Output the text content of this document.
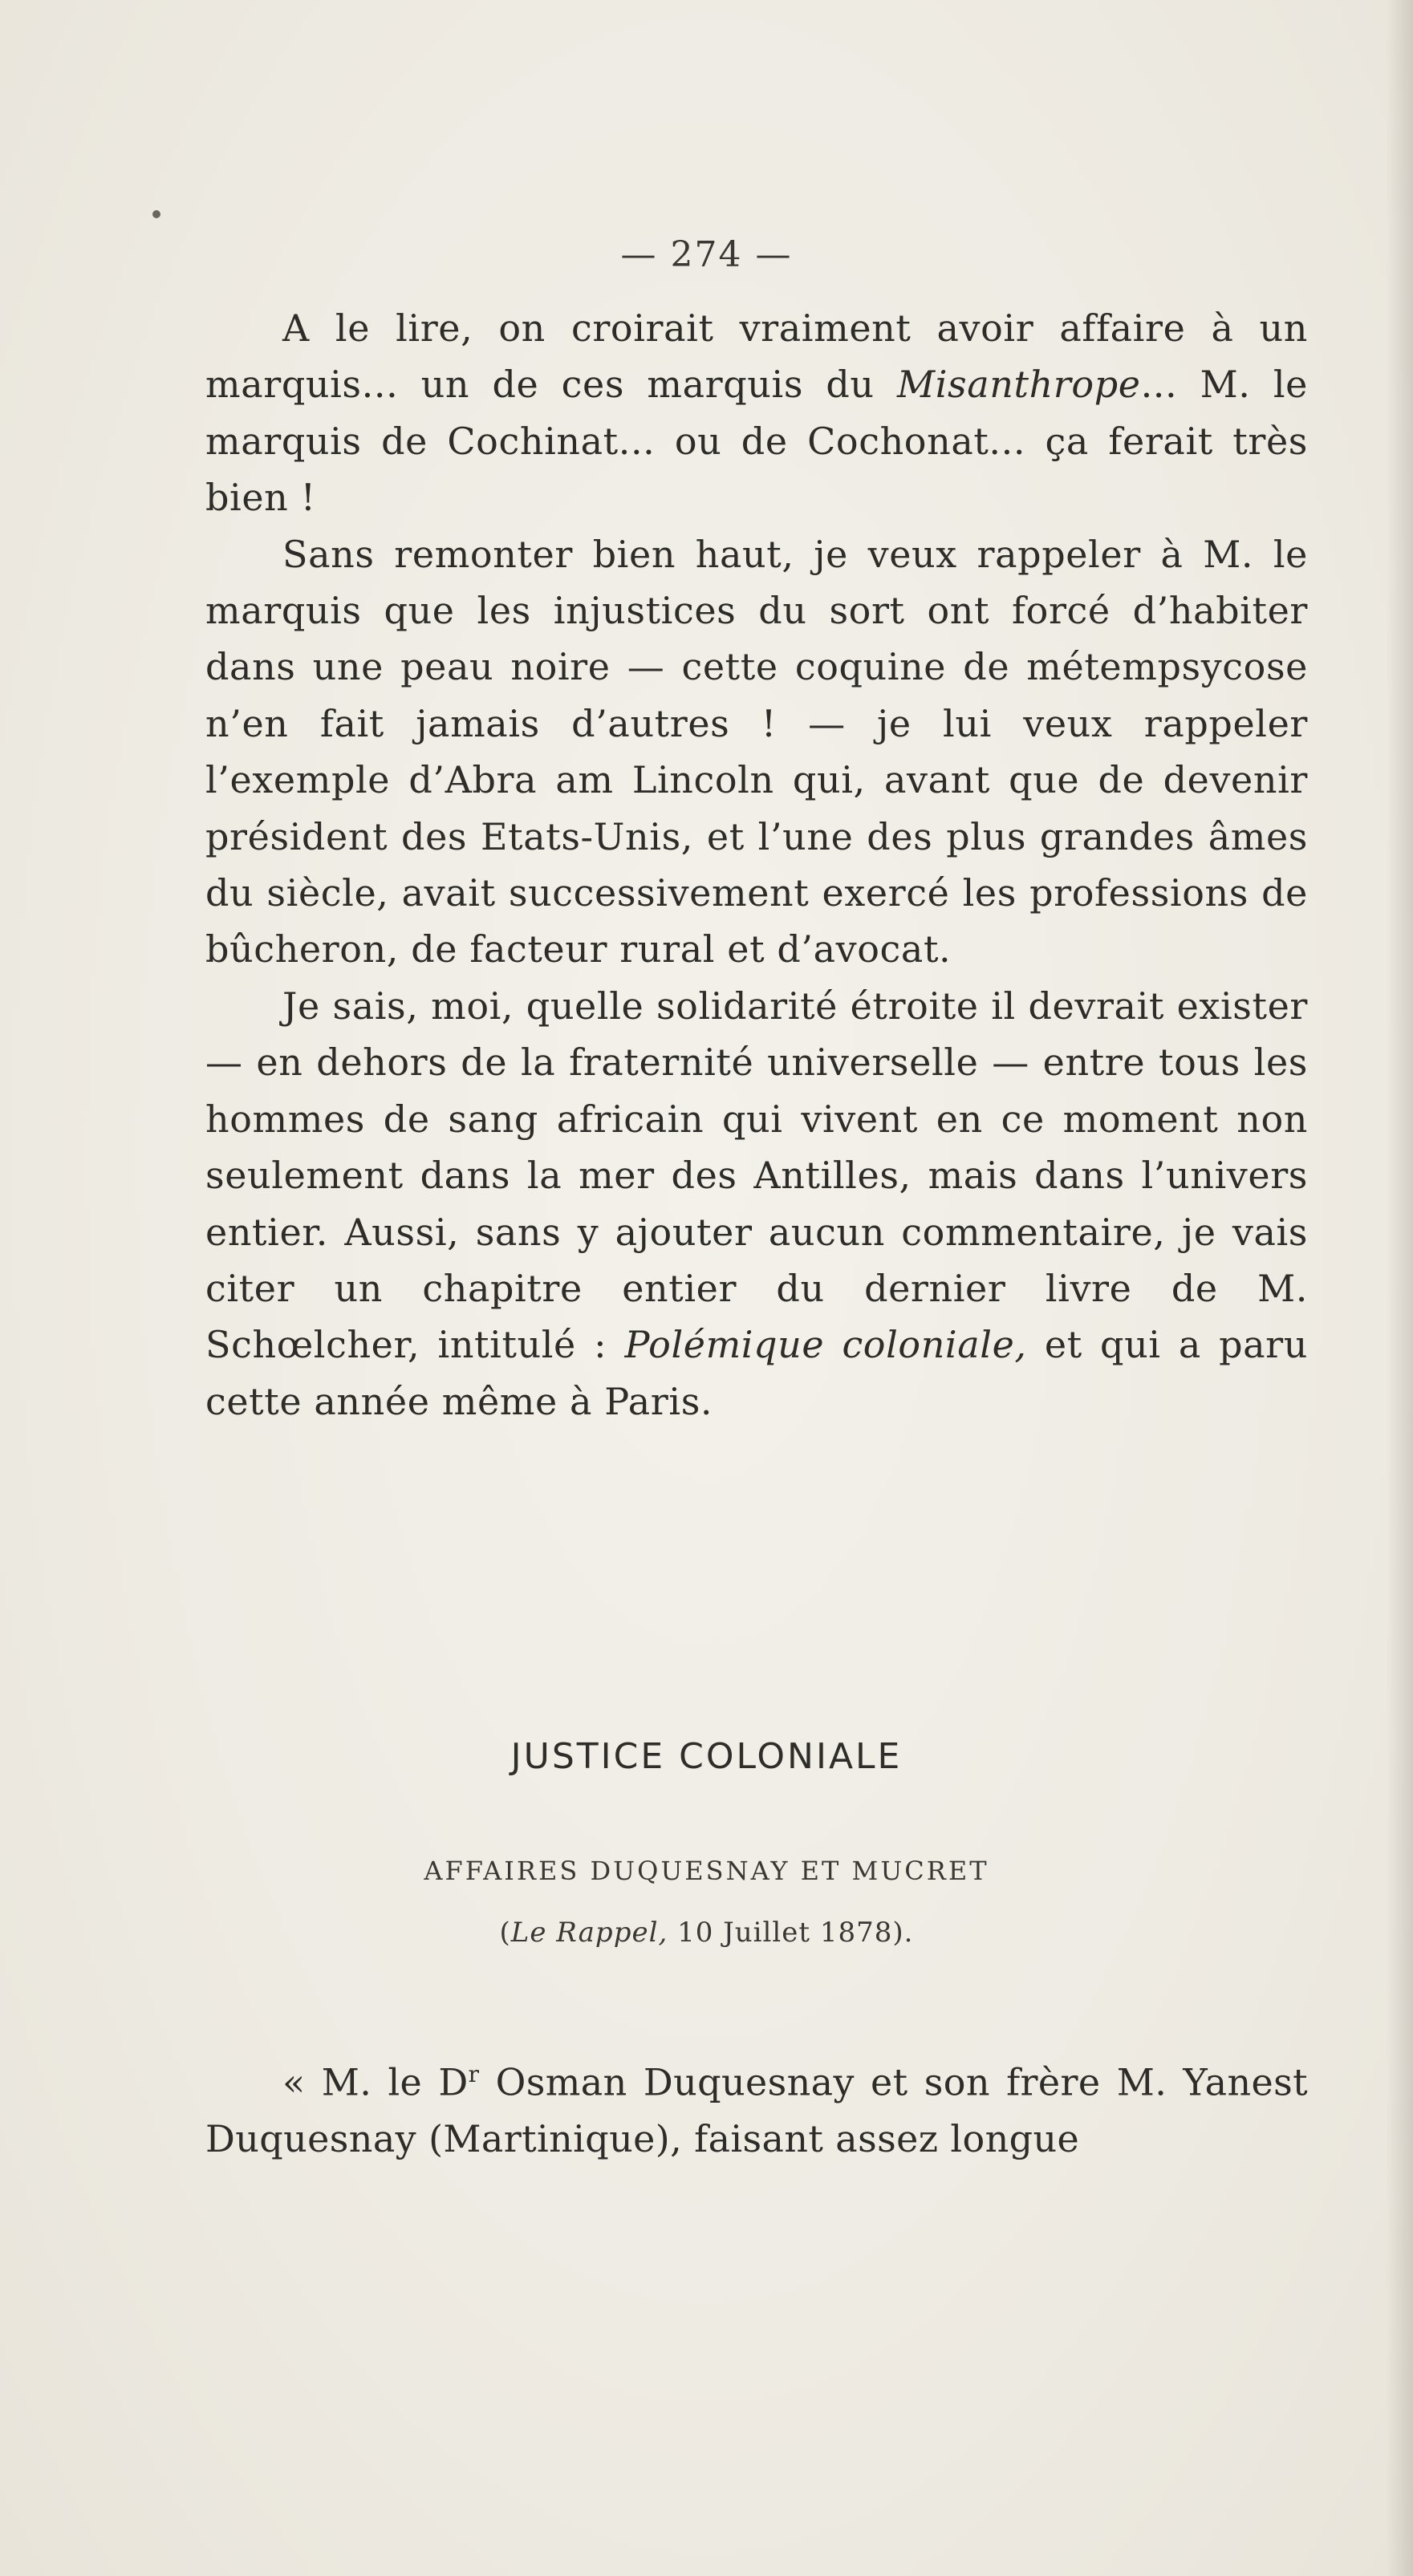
— 274 —

A le lire, on croirait vraiment avoir affaire à un marquis... un de ces marquis du Misanthrope... M. le marquis de Cochinat... ou de Cochonat... ça ferait très bien !

Sans remonter bien haut, je veux rappeler à M. le marquis que les injustices du sort ont forcé d’habiter dans une peau noire — cette coquine de métempsycose n’en fait jamais d’autres ! — je lui veux rappeler l’exemple d’Abra am Lincoln qui, avant que de devenir président des Etats-Unis, et l’une des plus grandes âmes du siècle, avait successivement exercé les professions de bûcheron, de facteur rural et d’avocat.

Je sais, moi, quelle solidarité étroite il devrait exister — en dehors de la fraternité universelle — entre tous les hommes de sang africain qui vivent en ce moment non seulement dans la mer des Antilles, mais dans l’univers entier. Aussi, sans y ajouter aucun commentaire, je vais citer un chapitre entier du dernier livre de M. Schœlcher, intitulé : Polémique coloniale, et qui a paru cette année même à Paris.

JUSTICE COLONIALE
AFFAIRES DUQUESNAY ET MUCRET
(Le Rappel, 10 Juillet 1878).

« M. le $D^r$ Osman Duquesnay et son frère M. Yanest Duquesnay (Martinique), faisant assez longue
